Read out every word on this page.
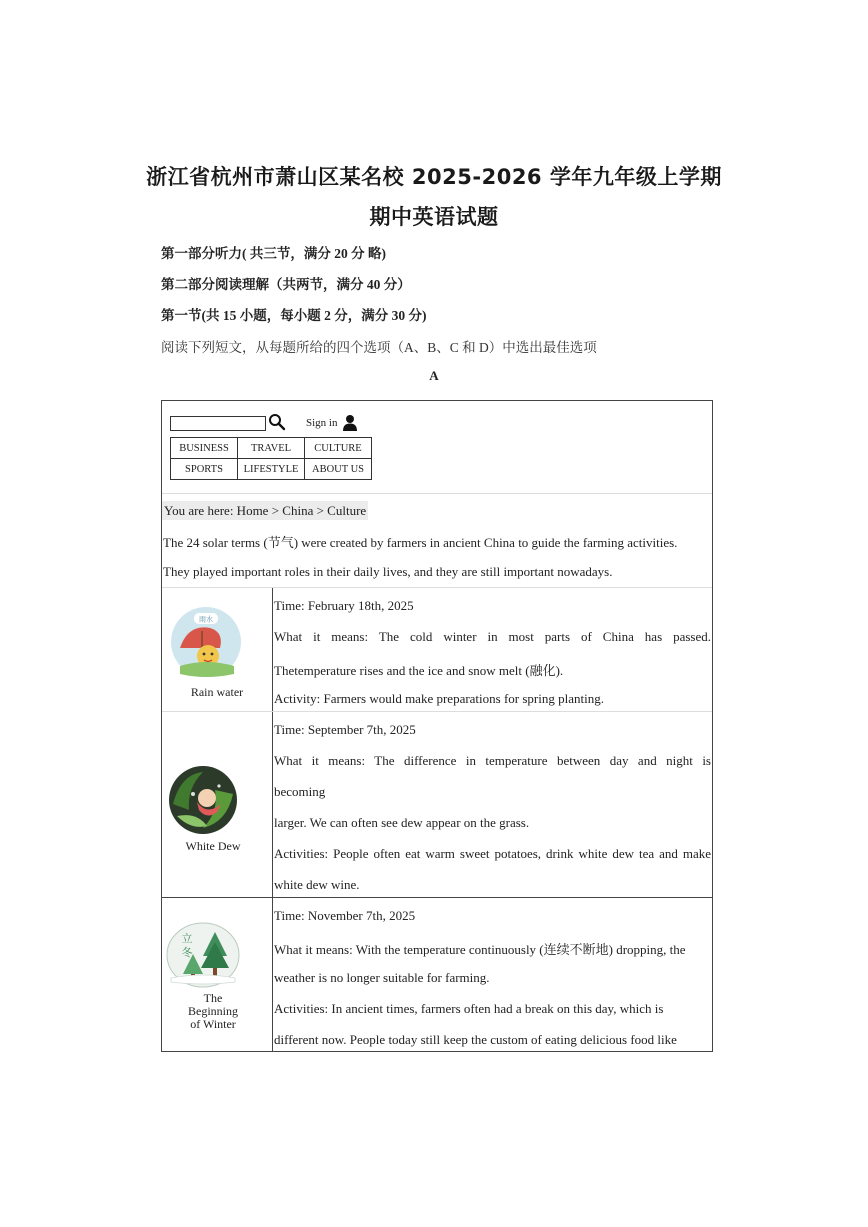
浙江省杭州市萧山区某名校 2025-2026 学年九年级上学期
期中英语试题
第一部分听力( 共三节，满分 20 分 略)
第二部分阅读理解（共两节，满分 40 分）
第一节(共 15 小题，每小题 2 分，满分 30 分)
阅读下列短文，从每题所给的四个选项（A、B、C 和 D）中选出最佳选项
A
Sign in
BUSINESS	TRAVEL	CULTURE
SPORTS	LIFESTYLE	ABOUT US
You are here: Home > China > Culture
The 24 solar terms (节气) were created by farmers in ancient China to guide the farming activities.
They played important roles in their daily lives, and they are still important nowadays.
雨水
Rain water
Time: February 18th, 2025
What it means: The cold winter in most parts of China has passed.
Thetemperature rises and the ice and snow melt (融化).
Activity: Farmers would make preparations for spring planting.
White Dew
Time: September 7th, 2025
What it means: The difference in temperature between day and night is
becoming
larger. We can often see dew appear on the grass.
Activities: People often eat warm sweet potatoes, drink white dew tea and make
white dew wine.
立
冬
The
Beginning
of Winter
Time: November 7th, 2025
What it means: With the temperature continuously (连续不断地) dropping, the
weather is no longer suitable for farming.
Activities: In ancient times, farmers often had a break on this day, which is
different now. People today still keep the custom of eating delicious food like
